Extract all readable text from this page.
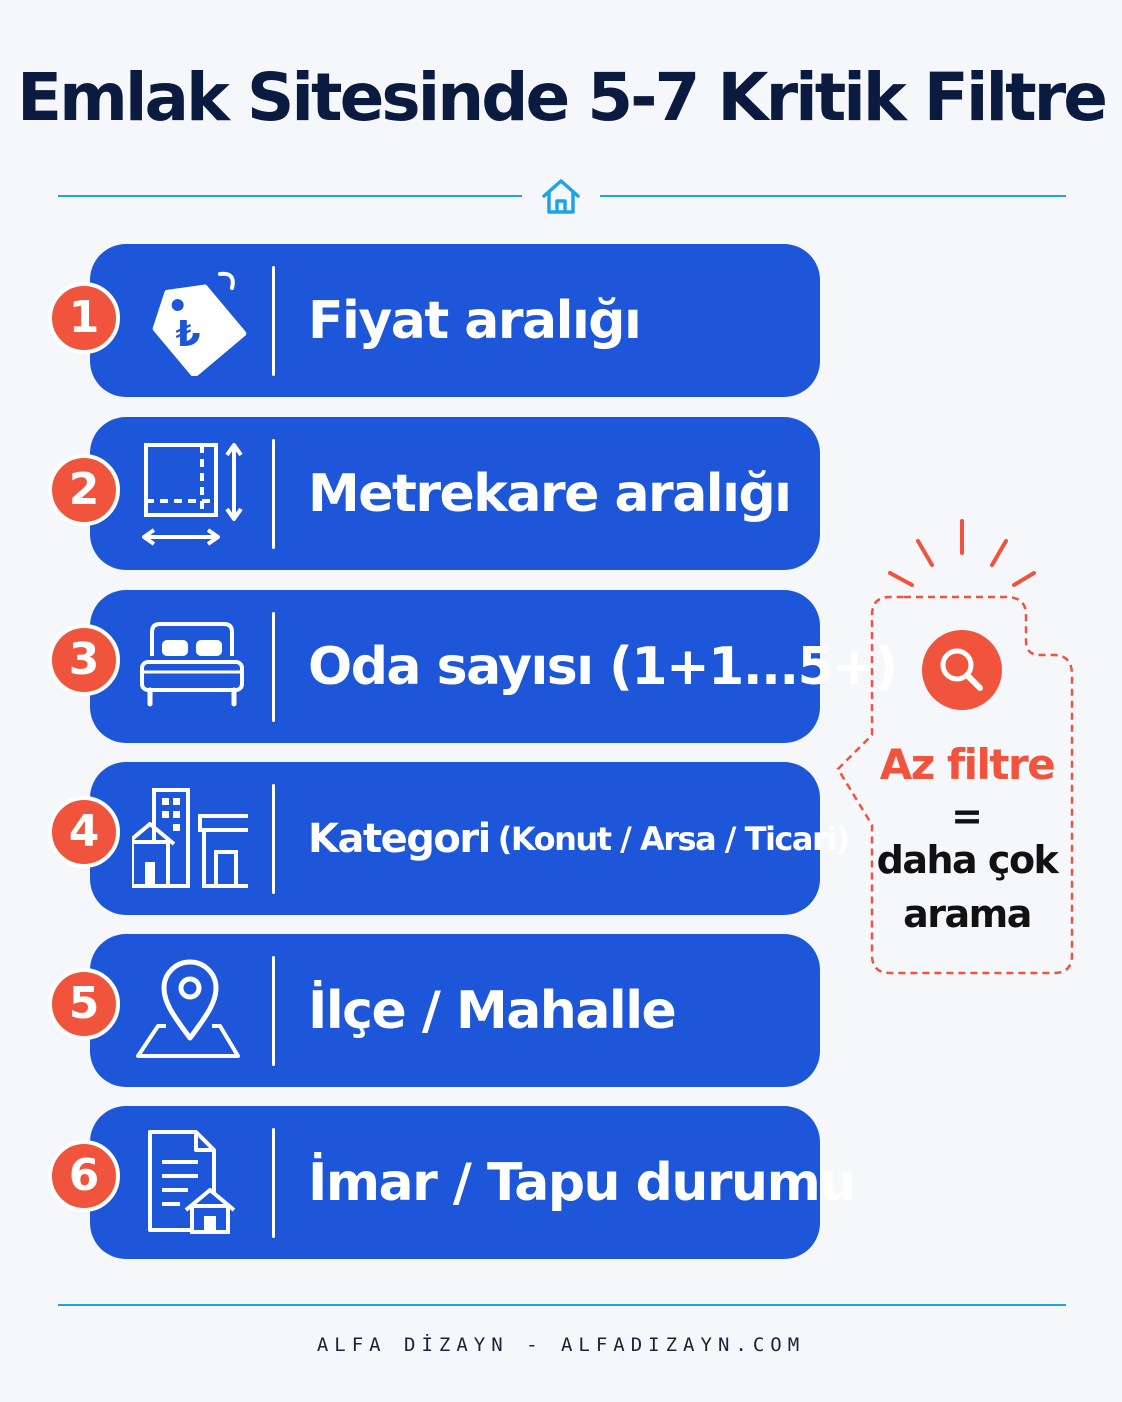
Emlak Sitesinde 5-7 Kritik Filtre
₺ Fiyat aralığı
1
Metrekare aralığı
2
Oda sayısı (1+1...5+)
3
Kategori (Konut / Arsa / Ticari)
4
İlçe / Mahalle
5
İmar / Tapu durumu
6
Az filtre
=
daha çok
arama
ALFA DİZAYN - ALFADIZAYN.COM
